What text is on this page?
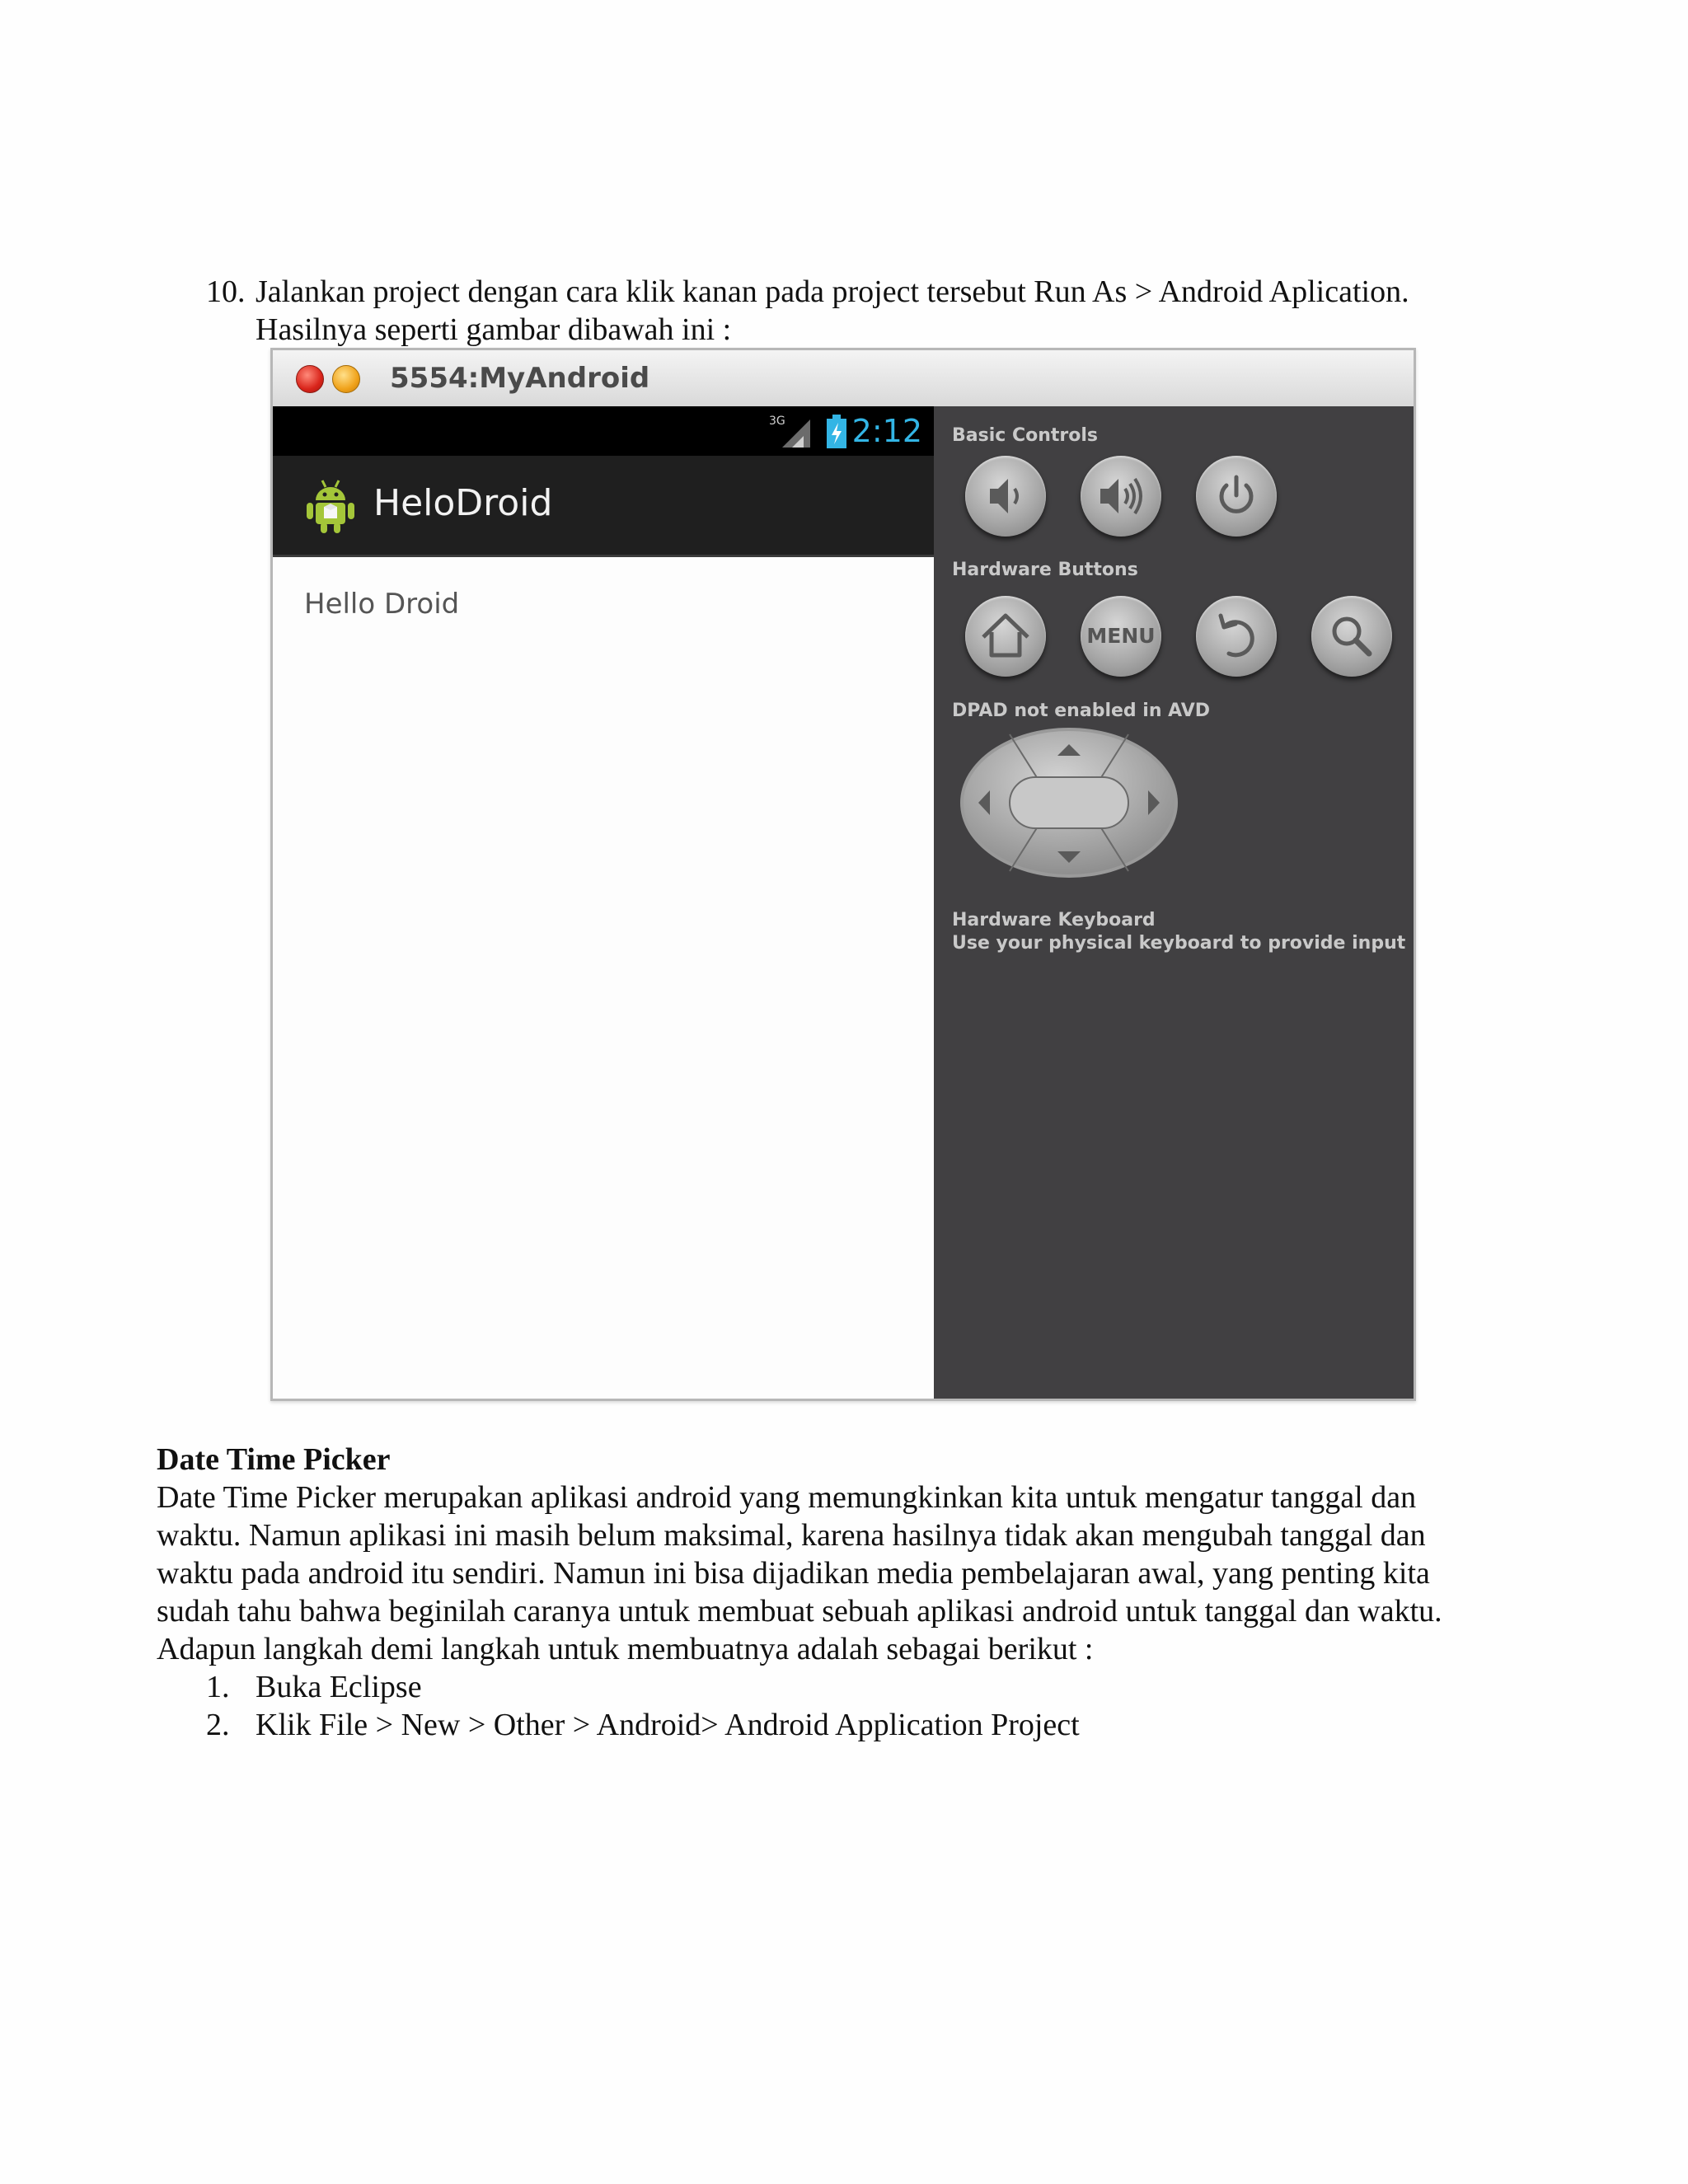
10. Jalankan project dengan cara klik kanan pada project tersebut Run As > Android Aplication.
Hasilnya seperti gambar dibawah ini :
5554:MyAndroid
3G 2:12
HeloDroid
Hello Droid
Basic Controls
Hardware Buttons
MENU
DPAD not enabled in AVD
Hardware Keyboard
Use your physical keyboard to provide input
Date Time Picker
Date Time Picker merupakan aplikasi android yang memungkinkan kita untuk mengatur tanggal dan
waktu. Namun aplikasi ini masih belum maksimal, karena hasilnya tidak akan mengubah tanggal dan
waktu pada android itu sendiri. Namun ini bisa dijadikan media pembelajaran awal, yang penting kita
sudah tahu bahwa beginilah caranya untuk membuat sebuah aplikasi android untuk tanggal dan waktu.
Adapun langkah demi langkah untuk membuatnya adalah sebagai berikut :
1. Buka Eclipse
2. Klik File > New > Other > Android> Android Application Project
